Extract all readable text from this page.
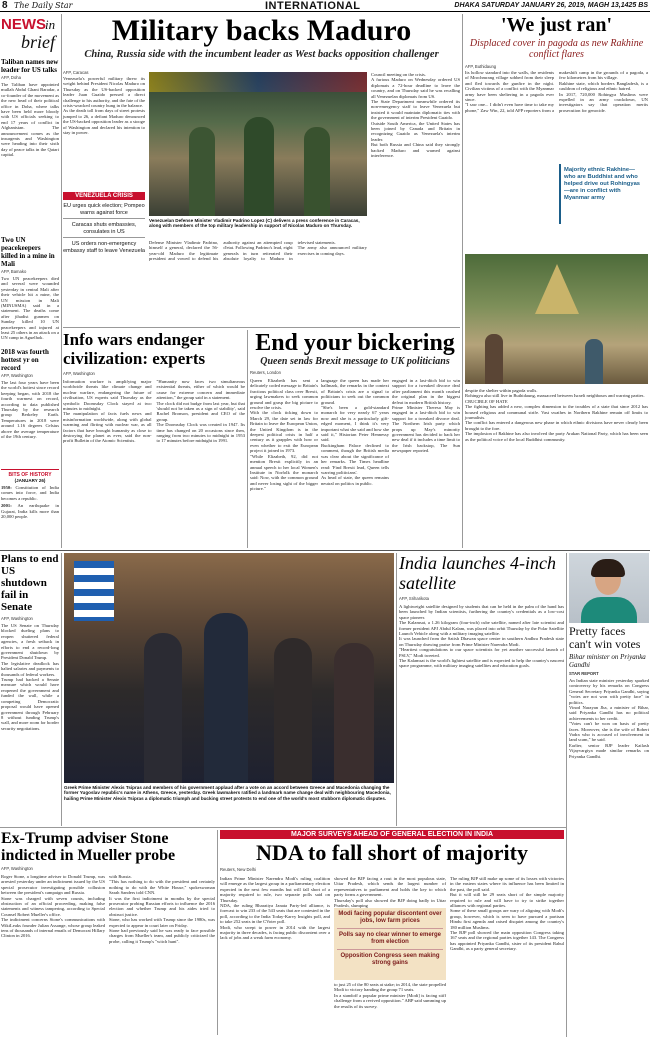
8 The Daily Star	INTERNATIONAL	DHAKA SATURDAY JANUARY 26, 2019, MAGH 13,1425 BS
NEWS in
brief
Taliban names new leader for US talks
AFP, Doha
The Taliban have appointed mullah Abdul Ghani Baradar, a co-founder of the movement as the new head of their political office in Doha, where talks have been held more bloody with US officials seeking to end 17 years of conflict in Afghanistan. The announcement comes as the insurgents and Washington were heading into their sixth day of peace talks in the Qatari capital.
Two UN peacekeepers killed in a mine in Mali
AFP, Bamako
Two UN peacekeepers died and several were wounded yesterday in central Mali after their vehicle hit a mine, the UN mission in Mali (MINUSMA) said in a statement. The deaths come after jihadist gunmen on Sunday killed 10 UN peacekeepers and injured at least 25 others in an attack on a UN camp in Aguelhok.
2018 was fourth hottest yr on record
AFP, Washington
The last four years have been the world's hottest since record keeping began, with 2018 the fourth warmest on record, according to data published Thursday by the research group Berkeley Earth. Temperatures in 2018 were around 1.16 degrees Celsius above the average temperature of the 19th century.
BITS OF HISTORY
(JANUARY 26)
1950: Constitution of India comes into force, and India becomes a republic.
2001: An earthquake in Gujarat, India kills more than 20,000 people.
Military backs Maduro
China, Russia side with the incumbent leader as West backs opposition challenger
AFP, Caracas
Venezuela's powerful military threw its weight behind President Nicolas Maduro on Thursday as the US-backed opposition leader Juan Guaido pressed a direct challenge to his authority, and the fate of the crisis-wracked country hung in the balance.
As the death toll from days of street protests jumped to 26, a defiant Maduro denounced the US-backed opposition leader as a stooge of Washington and declared his intention to stay in power.
Venezuelan Defense Minister Vladimir Padrino Lopez (C) delivers a press conference in Caracas, along with members of the top military leadership in support of Nicolas Maduro on Thursday.
VENEZUELA CRISIS
EU urges quick election; Pompeo warns against force
Caracas shuts embassies, consulates in US
US orders non-emergency embassy staff to leave Venezuela
Defense Minister Vladimir Padrino, himself a general, declared the 56-year-old Maduro the legitimate president and vowed to defend his authority against an attempted coup d'etat. Following Padrino's lead, eight generals in turn reiterated their absolute loyalty to Maduro in televised statements.
The army also announced military exercises in coming days.
Council meeting on the crisis.
A furious Maduro on Wednesday ordered US diplomats a 72-hour deadline to leave the country, and on Thursday said he was recalling all Venezuelan diplomats from US.
The State Department meanwhile ordered its non-emergency staff to leave Venezuela but insisted it would maintain diplomatic ties with the government of interim President Guaido.
Outside South America, the United States has been joined by Canada and Britain in recognizing Guaido as Venezuela's interim leader.
But both Russia and China said they strongly backed Maduro and warned against interference.
'We just ran'
Displaced cover in pagoda as new Rakhine conflict flares
AFP, Buthidaung
Its hollow standard into the walls, the residents of Mrochmrang village sobbed from their sleep and fled towards the gunfire in the night. Civilian victims of a conflict with the Myanmar army have been sheltering in a pagoda ever since.
"I saw one... I didn't even have time to take my phone," Zaw Win, 22, told AFP reporters from a makeshift camp in the grounds of a pagoda, a few kilometres from his village.
Rakhine state, which borders Bangladesh, is a cauldron of religious and ethnic hatred.
In 2017, 720,000 Rohingya Muslims were expelled in an army crackdown, UN investigators say that operation merits prosecution for genocide.
Majority ethnic Rakhine—who are Buddhist and who helped drive out Rohingyas—are in conflict with Myanmar army
despite the shelter within pagoda walls.
Rohingya also still live in Buthidaung, massacred between Israeli neighbours and warring parties.
CRUCIBLE OF HATE
The fighting has added a new, complex dimension to the troubles of a state that since 2012 has housed religious and communal strife. Vast swathes in Northern Rakhine remain off limits to journalists.
The conflict has entered a dangerous new phase in which ethnic divisions have never clearly been brought to the fore.
The implosion of Rakhine has also involved the party Arakan National Party, which has been seen as the political voice of the local Buddhist community.
Info wars endanger civilization: experts
AFP, Washington
Information warfare is amplifying major worldwide threats like climate change and nuclear warfare, endangering the future of civilisation, US experts said Thursday as the symbolic Doomsday Clock stayed at two minutes to midnight.
The manipulation of facts fuels news and misinformation worldwide, along with global warming and flirting with nuclear war, as all factors that have brought humanity as close to destroying the planet as ever, said the non-profit Bulletin of the Atomic Scientists.
"Humanity now faces two simultaneous existential threats, either of which would be cause for extreme concern and immediate attention," the group said in a statement.
The clock did not budge from last year, but that 'should not be taken as a sign of stability', said Rachel Bronson, president and CEO of the group.
The Doomsday Clock was created in 1947. Its time has changed on 20 occasions since then, ranging from two minutes to midnight in 1953 to 17 minutes before midnight in 1991.
End your bickering
Queen sends Brexit message to UK politicians
Reuters, London
Queen Elizabeth has sent a delicately coded message to Britain's fractious political class over Brexit, urging lawmakers to seek common ground and grasp the big picture to resolve the crisis.
With the clock ticking down to March 29, the date set in law for Britain to leave the European Union, the United Kingdom is in the deepest political crisis in half a century as it grapples with how or even whether to exit the European project it joined in 1973.
"While Elizabeth, 92, did not mention Brexit explicitly in an annual speech to her local Women's Institute in Norfolk the monarch said: Now, with the common ground and never losing sight of the bigger picture."
language the queen has made her hallmark, the remarks in the context of Britain's crisis are a signal to politicians to seek out the common ground.
"She's been a gold-standard monarch for very nearly 67 years now and she is a particularly gift-edged moment, I think it's very important what she said and how she said it," Historian Peter Hennessy said.
Buckingham Palace declined to comment, though the British media was clear about the significance of her remarks. The Times headline read: 'Find Brexit lead, Queen tells warring politicians'.
As head of state, the queen remains neutral on politics in public.
engaged in a last-ditch bid to win support for a tweaked divorce deal after parliament this month crushed the original plan in the biggest defeat in modern British history.
Prime Minister Theresa May is engaged in a last-ditch bid to win support for a tweaked divorce deal. The Northern Irish party which props up May's minority government has decided to back her new deal if it includes a time limit to the Irish backstop, The Sun newspaper reported.
Plans to end US shutdown fail in Senate
AFP, Washington
The US Senate on Thursday blocked dueling plans to reopen shuttered federal agencies, a fresh setback in efforts to end a record-long government shutdown by President Donald Trump.
The legislative deadlock has halted salaries and payments to thousands of federal workers.
Trump had backed a Senate measure which would have reopened the government and funded the wall, while a competing Democratic proposal would have opened government through February 8 without funding Trump's wall, and more room for border security negotiations.
Greek Prime Minister Alexis Tsipras and members of his government applaud after a vote on an accord between Greece and Macedonia changing the former Yugoslav republic's name in Athens, Greece, yesterday. Greek lawmakers ratified a landmark name change deal with neighbouring Macedonia, hailing Prime Minister Alexis Tsipras a diplomatic triumph and bucking street protests to end one of the world's most stubborn diplomatic disputes.
India launches 4-inch satellite
AFP, Sriharikota
A lightweight satellite designed by students that can be held in the palm of the hand has been launched by Indian scientists, furthering the country's credentials as a low-cost space pioneer.
The Kalamsat, a 1.26 kilogram (four-inch) cube satellite, named after late scientist and former president APJ Abdul Kalam, was placed into orbit Thursday by the Polar Satellite Launch Vehicle along with a military imaging satellite.
It was launched from the Satish Dhawan space centre in southern Andhra Pradesh state on Thursday drawing praise from Prime Minister Narendra Modi.
"Heartiest congratulations to our space scientists for yet another successful launch of PSLV," Modi tweeted.
The Kalamsat is the world's lightest satellite and is expected to help the country's nascent space programme, with military imaging satellites and education goals.
Pretty faces can't win votes
Bihar minister on Priyanka Gandhi
STAR REPORT
An Indian state minister yesterday sparked controversy by his remarks on Congress General Secretary Priyanka Gandhi, saying "votes are not won with pretty face" in politics.
Vinod Narayan Jha, a minister of Bihar, said Priyanka Gandhi has no political achievements to her credit.
"Votes can't be won on basis of pretty faces. Moreover, she is the wife of Robert Vadra who is accused of involvement in land scam," he said.
Earlier, senior BJP leader Kailash Vijayvargiya made similar remarks on Priyanka Gandhi.
Ex-Trump adviser Stone indicted in Mueller probe
AFP, Washington
Roger Stone, a longtime adviser to Donald Trump, was arrested yesterday under an indictment issued by the US special prosecutor investigating possible collusion between the president's campaign and Russia.
Stone was charged with seven counts, including obstruction of an official proceeding, making false statements and witness tampering, according to Special Counsel Robert Mueller's office.
The indictment concerns Stone's communications with WikiLeaks founder Julian Assange, whose group leaked tens of thousands of internal emails of Democrat Hillary Clinton in 2016.
with Russia.
"This has nothing to do with the president and certainly nothing to do with the White House," spokeswoman Sarah Sanders told CNN.
It was the first indictment in months by the special prosecutor probing Russian efforts to influence the 2016 election and whether Trump and his aides tried to obstruct justice.
Stone, who has worked with Trump since the 1980s, was expected to appear in court later on Friday.
Stone had previously said he was ready to face possible charges from Mueller's team, and publicly criticized the probe, calling it Trump's "witch hunt".
MAJOR SURVEYS AHEAD OF GENERAL ELECTION IN INDIA
NDA to fall short of majority
Reuters, New Delhi
Indian Prime Minister Narendra Modi's ruling coalition will emerge as the largest group in a parliamentary election expected in the next few months but will fall short of a majority required to rule, two separate polls said on Thursday.
NDA, the ruling Bharatiya Janata Party-led alliance, is forecast to win 233 of the 543 seats that are contested in the poll, according to the India Today-Karvy Insights poll, and to take 252 seats in the CVoter poll.
Modi, who swept to power in 2014 with the largest majority in three decades, is facing public discontent over a lack of jobs and a weak farm economy.
showed the BJP facing a rout in the most populous state, Uttar Pradesh, which sends the largest number of representatives to parliament and holds the key to which party forms a government.
Thursday's poll also showed the BJP doing badly in Uttar Pradesh, slumping
Modi facing popular discontent over jobs, low farm prices
Polls say no clear winner to emerge from election
Opposition Congress seen making strong gains
to just 25 of the 80 seats at stake; in 2014, the state propelled Modi to victory handing the group 71 seats.
In a standoff a popular prime minister [Modi] is facing stiff challenge from a revived opposition." ABP said summing up the results of its survey.
The ruling BJP still make up some of its losses with victories in the eastern states where its influence has been limited in the past, the poll said.
But it will still be 29 seats short of the simple majority required to rule and will have to try to strike together alliances with regional parties.
Some of these small groups are wary of aligning with Modi's group, however, which is seen to have pursued a partisan Hindu first agenda and raised disquiet among the country's 180 million Muslims.
The BJP poll showed the main opposition Congress taking 167 seats and the regional parties together 143. The Congress has appointed Priyanka Gandhi, sister of its president Rahul Gandhi, as a party general secretary.
